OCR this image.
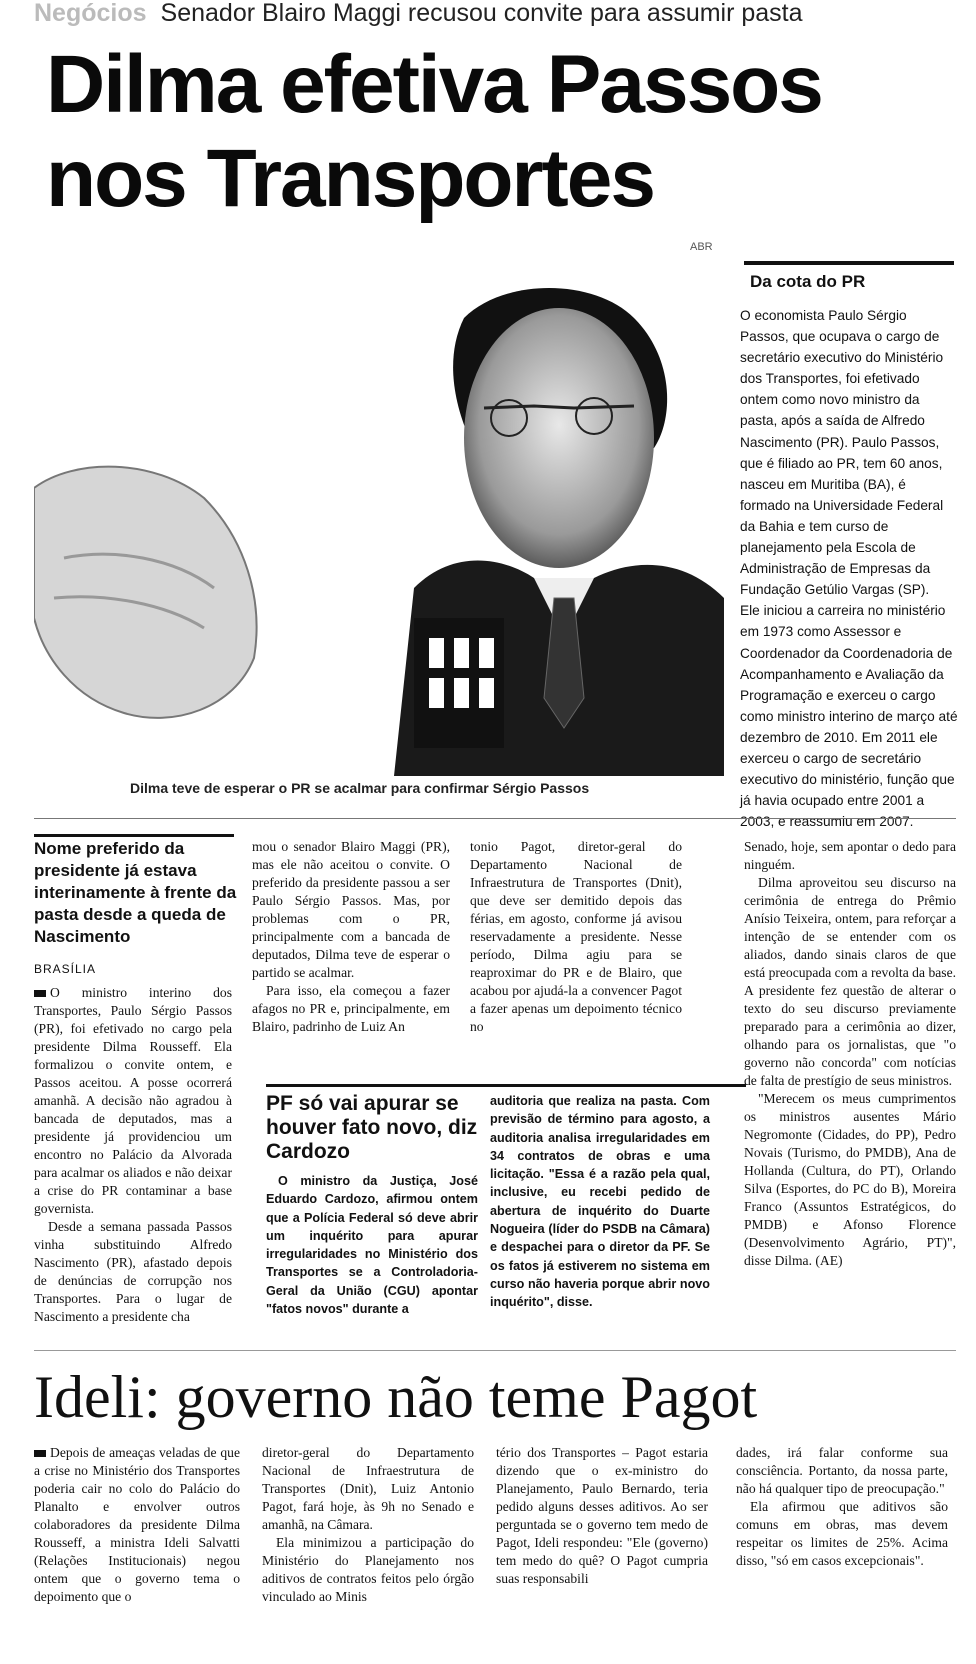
Negócios Senador Blairo Maggi recusou convite para assumir pasta
Dilma efetiva Passos
nos Transportes
ABR
Dilma teve de esperar o PR se acalmar para confirmar Sérgio Passos
Da cota do PR

O economista Paulo Sérgio Passos, que ocupava o cargo de secretário executivo do Ministério dos Transportes, foi efetivado ontem como novo ministro da pasta, após a saída de Alfredo Nascimento (PR). Paulo Passos, que é filiado ao PR, tem 60 anos, nasceu em Muritiba (BA), é formado na Universidade Federal da Bahia e tem curso de planejamento pela Escola de Administração de Empresas da Fundação Getúlio Vargas (SP).

Ele iniciou a carreira no ministério em 1973 como Assessor e Coordenador da Coordenadoria de Acompanhamento e Avaliação da Programação e exerceu o cargo como ministro interino de março até dezembro de 2010. Em 2011 ele exerceu o cargo de secretário executivo do ministério, função que já havia ocupado entre 2001 a 2003, e reassumiu em 2007.

Nome preferido da presidente já estava interinamente à frente da pasta desde a queda de Nascimento
BRASÍLIA

O ministro interino dos Transportes, Paulo Sérgio Passos (PR), foi efetivado no cargo pela presidente Dilma Rousseff. Ela formalizou o convite ontem, e Passos aceitou. A posse ocorrerá amanhã. A decisão não agradou à bancada de deputados, mas a presidente já providenciou um encontro no Palácio da Alvorada para acalmar os aliados e não deixar a crise do PR contaminar a base governista.

Desde a semana passada Passos vinha substituindo Alfredo Nascimento (PR), afastado depois de denúncias de corrupção nos Transportes. Para o lugar de Nascimento a presidente cha

mou o senador Blairo Maggi (PR), mas ele não aceitou o convite. O preferido da presidente passou a ser Paulo Sérgio Passos. Mas, por problemas com o PR, principalmente com a bancada de deputados, Dilma teve de esperar o partido se acalmar.

Para isso, ela começou a fazer afagos no PR e, principalmente, em Blairo, padrinho de Luiz An

tonio Pagot, diretor-geral do Departamento Nacional de Infraestrutura de Transportes (Dnit), que deve ser demitido depois das férias, em agosto, conforme já avisou reservadamente a presidente. Nesse período, Dilma agiu para se reaproximar do PR e de Blairo, que acabou por ajudá-la a convencer Pagot a fazer apenas um depoimento técnico no

Senado, hoje, sem apontar o dedo para ninguém.

Dilma aproveitou seu discurso na cerimônia de entrega do Prêmio Anísio Teixeira, ontem, para reforçar a intenção de se entender com os aliados, dando sinais claros de que está preocupada com a revolta da base. A presidente fez questão de alterar o texto do seu discurso previamente preparado para a cerimônia ao dizer, olhando para os jornalistas, que "o governo não concorda" com notícias de falta de prestígio de seus ministros.

"Merecem os meus cumprimentos os ministros ausentes Mário Negromonte (Cidades, do PP), Pedro Novais (Turismo, do PMDB), Ana de Hollanda (Cultura, do PT), Orlando Silva (Esportes, do PC do B), Moreira Franco (Assuntos Estratégicos, do PMDB) e Afonso Florence (Desenvolvimento Agrário, PT)", disse Dilma. (AE)

PF só vai apurar se houver fato novo, diz Cardozo

O ministro da Justiça, José Eduardo Cardozo, afirmou ontem que a Polícia Federal só deve abrir um inquérito para apurar irregularidades no Ministério dos Transportes se a Controladoria-Geral da União (CGU) apontar "fatos novos" durante a

auditoria que realiza na pasta. Com previsão de término para agosto, a auditoria analisa irregularidades em 34 contratos de obras e uma licitação. "Essa é a razão pela qual, inclusive, eu recebi pedido de abertura de inquérito do Duarte Nogueira (líder do PSDB na Câmara) e despachei para o diretor da PF. Se os fatos já estiverem no sistema em curso não haveria porque abrir novo inquérito", disse.

Ideli: governo não teme Pagot

Depois de ameaças veladas de que a crise no Ministério dos Transportes poderia cair no colo do Palácio do Planalto e envolver outros colaboradores da presidente Dilma Rousseff, a ministra Ideli Salvatti (Relações Institucionais) negou ontem que o governo tema o depoimento que o

diretor-geral do Departamento Nacional de Infraestrutura de Transportes (Dnit), Luiz Antonio Pagot, fará hoje, às 9h no Senado e amanhã, na Câmara.

Ela minimizou a participação do Ministério do Planejamento nos aditivos de contratos feitos pelo órgão vinculado ao Minis

tério dos Transportes – Pagot estaria dizendo que o ex-ministro do Planejamento, Paulo Bernardo, teria pedido alguns desses aditivos. Ao ser perguntada se o governo tem medo de Pagot, Ideli respondeu: "Ele (governo) tem medo do quê? O Pagot cumpria suas responsabili

dades, irá falar conforme sua consciência. Portanto, da nossa parte, não há qualquer tipo de preocupação."

Ela afirmou que aditivos são comuns em obras, mas devem respeitar os limites de 25%. Acima disso, "só em casos excepcionais".
